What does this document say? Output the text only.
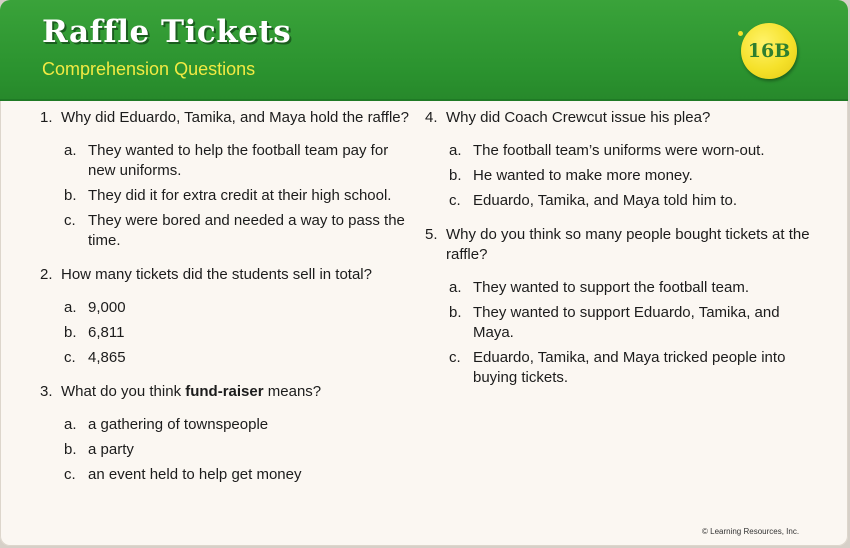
Raffle Tickets
Comprehension Questions
16B
1. Why did Eduardo, Tamika, and Maya hold the raffle?
a. They wanted to help the football team pay for new uniforms.
b. They did it for extra credit at their high school.
c. They were bored and needed a way to pass the time.
2. How many tickets did the students sell in total?
a. 9,000
b. 6,811
c. 4,865
3. What do you think fund-raiser means?
a. a gathering of townspeople
b. a party
c. an event held to help get money
4. Why did Coach Crewcut issue his plea?
a. The football team’s uniforms were worn-out.
b. He wanted to make more money.
c. Eduardo, Tamika, and Maya told him to.
5. Why do you think so many people bought tickets at the raffle?
a. They wanted to support the football team.
b. They wanted to support Eduardo, Tamika, and Maya.
c. Eduardo, Tamika, and Maya tricked people into buying tickets.
© Learning Resources, Inc.
